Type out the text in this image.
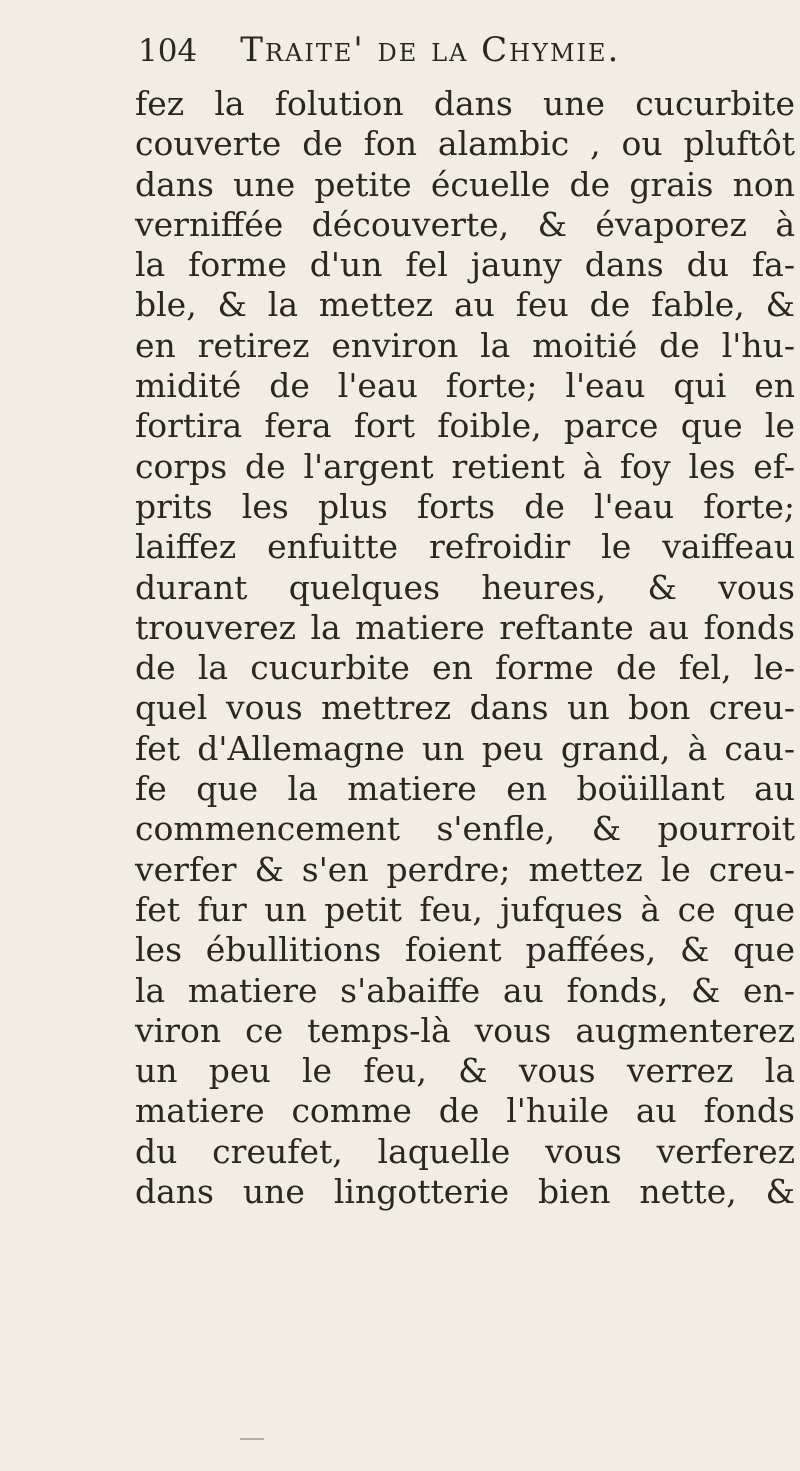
104 Traite' de la Chymie.
fez la folution dans une cucurbite
couverte de fon alambic , ou pluftôt
dans une petite écuelle de grais non
verniffée découverte, & évaporez à
la forme d'un fel jauny dans du fa-
ble, & la mettez au feu de fable, &
en retirez environ la moitié de l'hu-
midité de l'eau forte; l'eau qui en
fortira fera fort foible, parce que le
corps de l'argent retient à foy les ef-
prits les plus forts de l'eau forte;
laiffez enfuitte refroidir le vaiffeau
durant quelques heures, & vous
trouverez la matiere reftante au fonds
de la cucurbite en forme de fel, le-
quel vous mettrez dans un bon creu-
fet d'Allemagne un peu grand, à cau-
fe que la matiere en boüillant au
commencement s'enfle, & pourroit
verfer & s'en perdre; mettez le creu-
fet fur un petit feu, jufques à ce que
les ébullitions foient paffées, & que
la matiere s'abaiffe au fonds, & en-
viron ce temps-là vous augmenterez
un peu le feu, & vous verrez la
matiere comme de l'huile au fonds
du creufet, laquelle vous verferez
dans une lingotterie bien nette, &
